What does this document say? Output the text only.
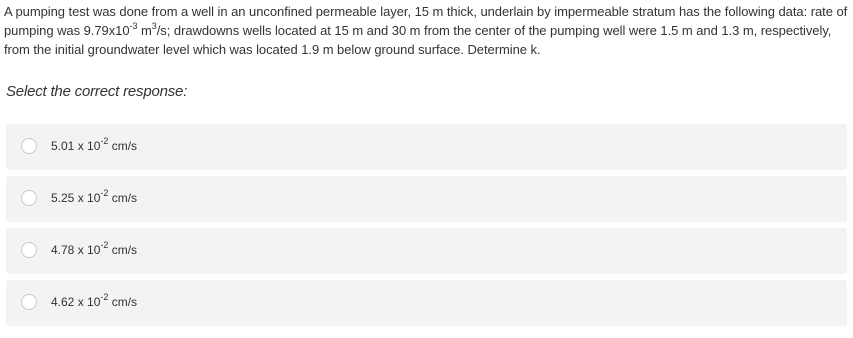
A pumping test was done from a well in an unconfined permeable layer, 15 m thick, underlain by impermeable stratum has the following data: rate of pumping was $9.79x10^{-3}$ $m^3/s$; drawdowns wells located at 15 m and 30 m from the center of the pumping well were 1.5 m and 1.3 m, respectively, from the initial groundwater level which was located 1.9 m below ground surface. Determine k.
Select the correct response:
5.01 x $10^{-2}$ cm/s
5.25 x $10^{-2}$ cm/s
4.78 x $10^{-2}$ cm/s
4.62 x $10^{-2}$ cm/s
